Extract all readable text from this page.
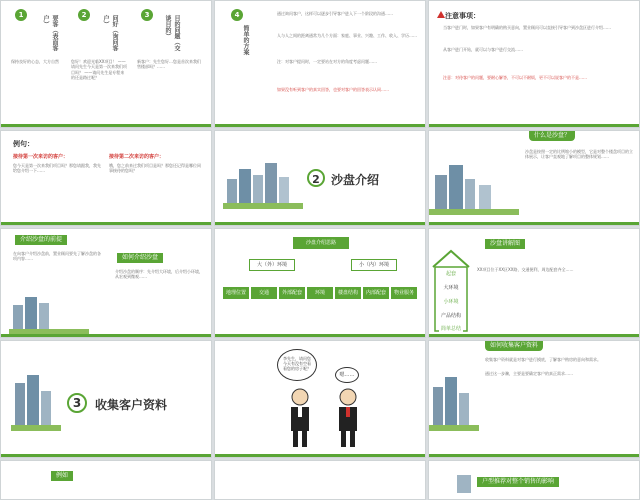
1	2	3
要客（表面客户）	问好（询问客户）	目的问题（交谈目的）
保持良好的心态，大方自然	您好！欢迎光临XX项目！ ——请问先生今天是第一次来我们项目吗？ ——请问先生是专程来的还是路过呢？
新客户：先生您好…您是首次来我们售楼部吗？……
4
简单的方案
通过询问客户，这样可以逐步引导客户进入下一个阶段的沟通……
人与人之间的距离通常为几个方面：家庭、事业、兴趣、工作、收入、学历……
注：对客户提问时，一定要站在对方的角度考虑问题……
如果没有听到客户的真实回答，也要对客户的回答表示认同……
注意事项：
当客户进门时，如果客户有明确的购买意向，置业顾问可以直接引导客户到沙盘区进行介绍……
从客户进门开始，就可以与客户进行交流……
注意：对待客户的问题，要耐心解答，不可以不耐烦，更不可以说客户的不是……
例句：
接待第一次来访的客户：	接待第二次来访的客户：
您今天是第一次来我们项目吗？那您请跟我，我先给您介绍一下……
哦，您之前来过我们项目是吗？那您还记得是哪位同事接待的您吗？
2 沙盘介绍
什么是沙盘？
沙盘是按照一定的比例缩小的模型，它是对整个楼盘项目的立体展示，让客户直观地了解项目的整体规划……
介绍沙盘的前提
在向客户介绍沙盘前，置业顾问要先了解沙盘的各项内容……	如何介绍沙盘
介绍沙盘的顺序：先介绍大环境，后介绍小环境，从宏观到微观……
沙盘介绍思路
大（外）环境	小（内）环境
地理位置	交通	外部配套	环境	楼盘结构	内部配套	物业服务
沙盘讲解图
起套
大环境
小环境
产品结构
简单总结
XX项目位于XX区XX路，交通便利，周边配套齐全……
3	收集客户资料
李先生，请问您今天有没有空看看您的房子呢？
嗯……
如何收集客户资料
收集客户资料就是对客户进行摸底，了解客户购房的意向和需求。
通过这一步骤，主要是要确定客户的真正需求……
例如
户型推荐对整个销售的影响
